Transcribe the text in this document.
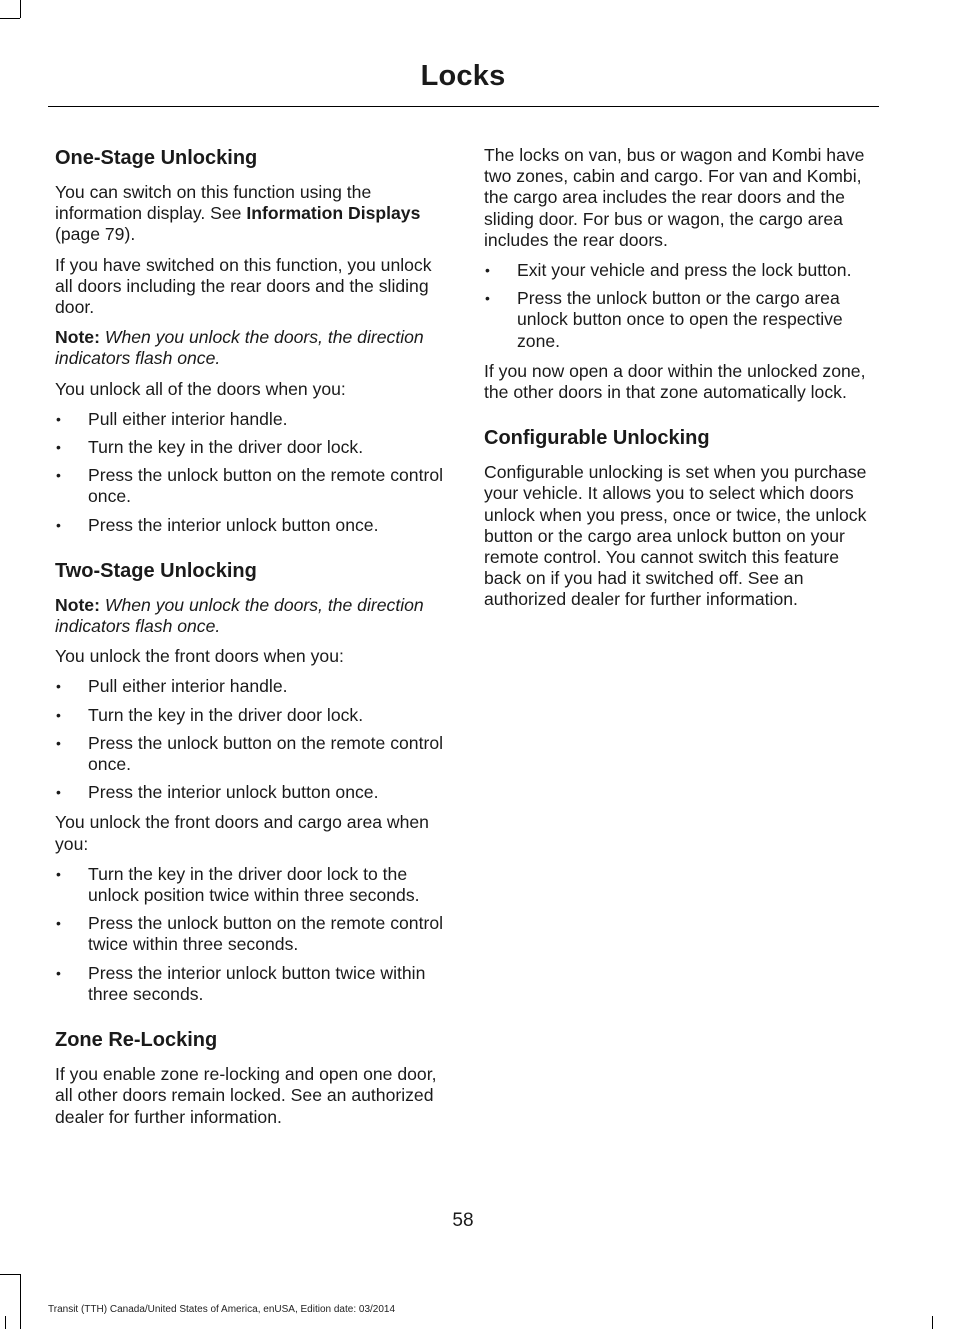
Locks
One-Stage Unlocking

You can switch on this function using the information display. See Information Displays (page 79).

If you have switched on this function, you unlock all doors including the rear doors and the sliding door.

Note: When you unlock the doors, the direction indicators flash once.

You unlock all of the doors when you:

• Pull either interior handle.
• Turn the key in the driver door lock.
• Press the unlock button on the remote control once.
• Press the interior unlock button once.
Two-Stage Unlocking

Note: When you unlock the doors, the direction indicators flash once.

You unlock the front doors when you:

• Pull either interior handle.
• Turn the key in the driver door lock.
• Press the unlock button on the remote control once.
• Press the interior unlock button once.

You unlock the front doors and cargo area when you:

• Turn the key in the driver door lock to the unlock position twice within three seconds.
• Press the unlock button on the remote control twice within three seconds.
• Press the interior unlock button twice within three seconds.
Zone Re-Locking

If you enable zone re-locking and open one door, all other doors remain locked. See an authorized dealer for further information.

The locks on van, bus or wagon and Kombi have two zones, cabin and cargo. For van and Kombi, the cargo area includes the rear doors and the sliding door. For bus or wagon, the cargo area includes the rear doors.

• Exit your vehicle and press the lock button.
• Press the unlock button or the cargo area unlock button once to open the respective zone.

If you now open a door within the unlocked zone, the other doors in that zone automatically lock.

Configurable Unlocking

Configurable unlocking is set when you purchase your vehicle. It allows you to select which doors unlock when you press, once or twice, the unlock button or the cargo area unlock button on your remote control. You cannot switch this feature back on if you had it switched off. See an authorized dealer for further information.

58
Transit (TTH) Canada/United States of America, enUSA, Edition date: 03/2014
